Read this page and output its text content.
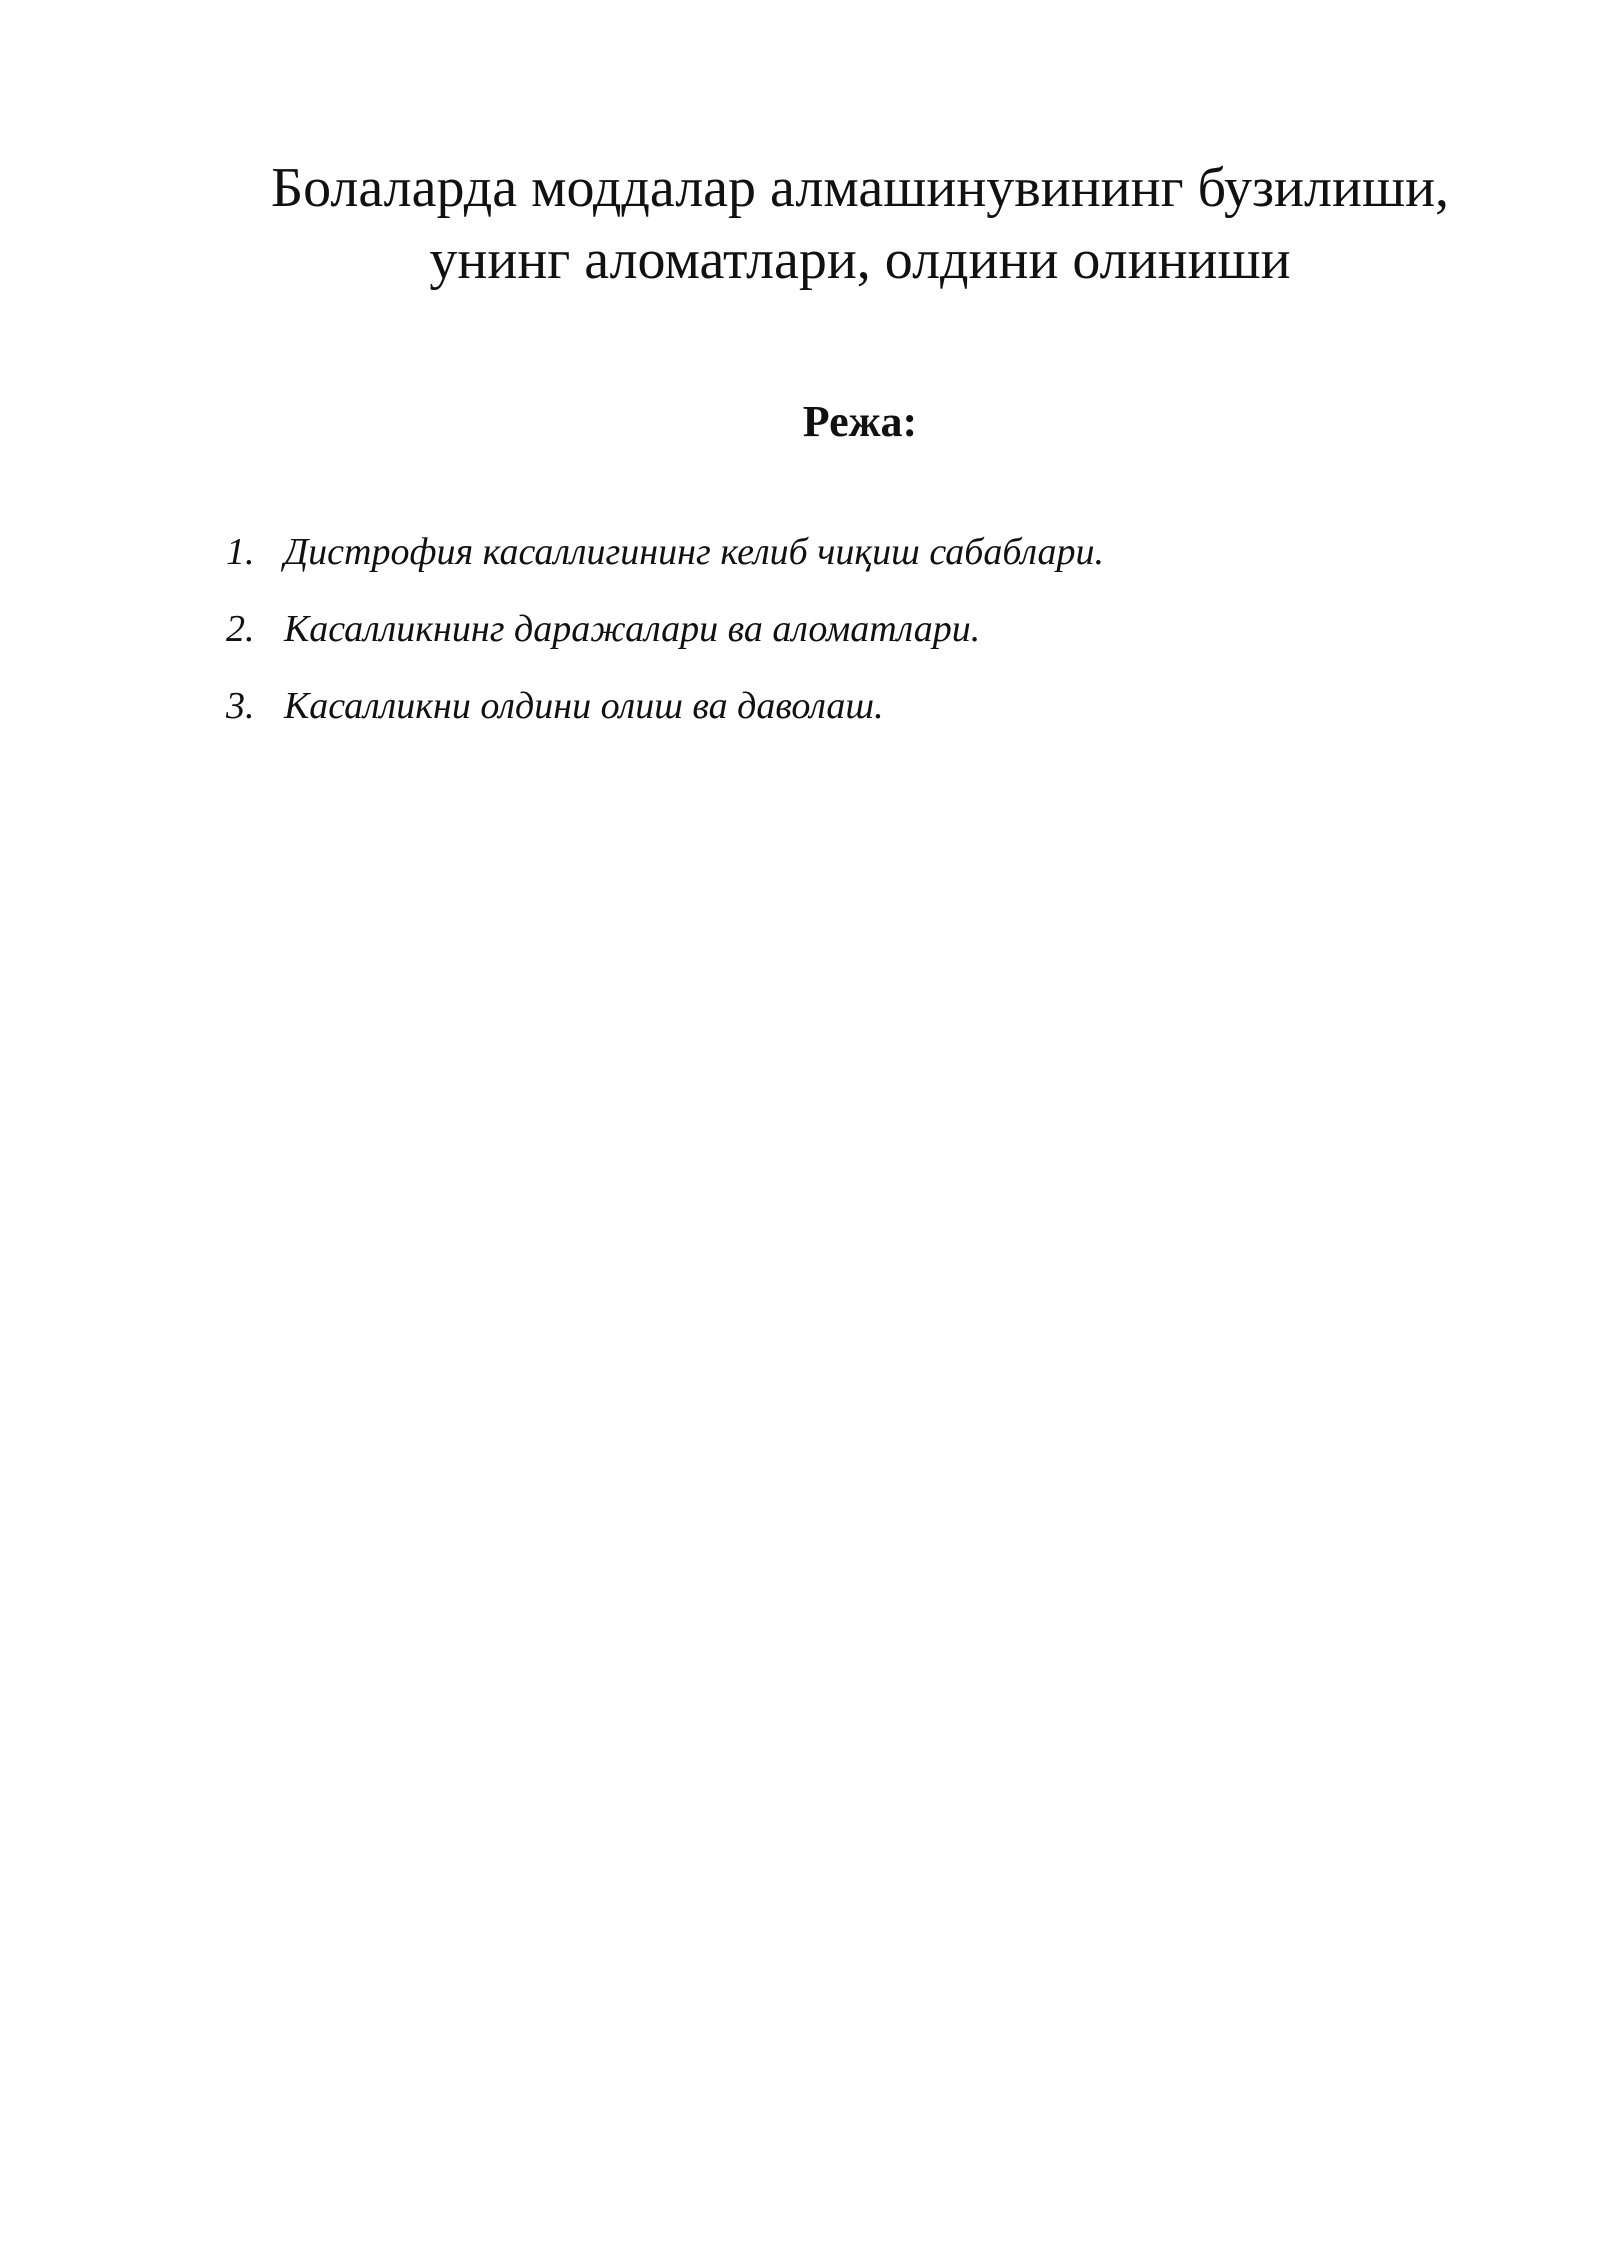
Болаларда моддалар алмашинувининг бузилиши,
унинг аломатлари, олдини олиниши
Режа:
1. Дистрофия касаллигининг келиб чиқиш сабаблари.
2. Касалликнинг даражалари ва аломатлари.
3. Касалликни олдини олиш ва даволаш.
